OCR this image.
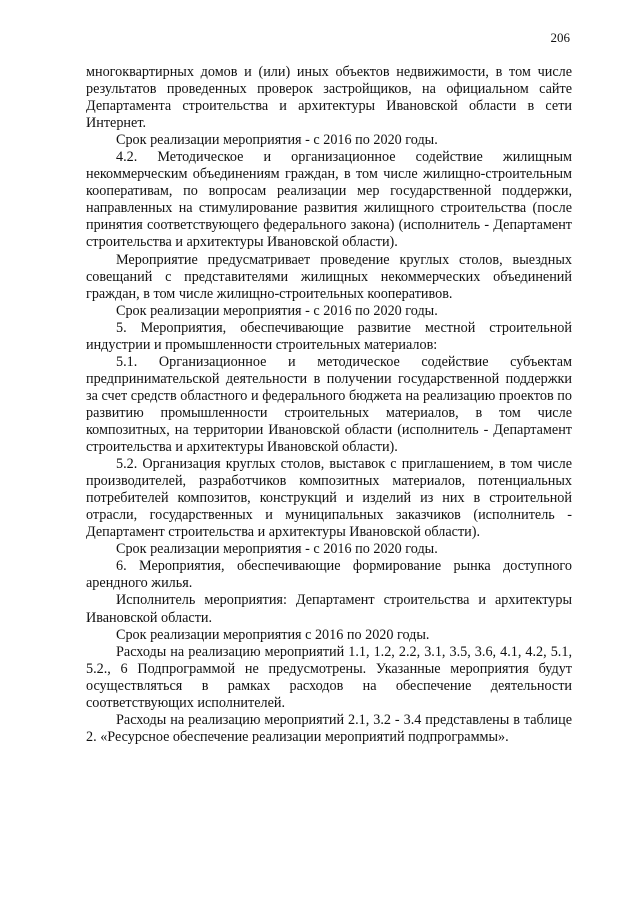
206

многоквартирных домов и (или) иных объектов недвижимости, в том числе результатов проведенных проверок застройщиков, на официальном сайте Департамента строительства и архитектуры Ивановской области в сети Интернет.

Срок реализации мероприятия - с 2016 по 2020 годы.

4.2. Методическое и организационное содействие жилищным некоммерческим объединениям граждан, в том числе жилищно-строительным кооперативам, по вопросам реализации мер государственной поддержки, направленных на стимулирование развития жилищного строительства (после принятия соответствующего федерального закона) (исполнитель - Департамент строительства и архитектуры Ивановской области).

Мероприятие предусматривает проведение круглых столов, выездных совещаний с представителями жилищных некоммерческих объединений граждан, в том числе жилищно-строительных кооперативов.

Срок реализации мероприятия - с 2016 по 2020 годы.

5. Мероприятия, обеспечивающие развитие местной строительной индустрии и промышленности строительных материалов:

5.1. Организационное и методическое содействие субъектам предпринимательской деятельности в получении государственной поддержки за счет средств областного и федерального бюджета на реализацию проектов по развитию промышленности строительных материалов, в том числе композитных, на территории Ивановской области (исполнитель - Департамент строительства и архитектуры Ивановской области).

5.2. Организация круглых столов, выставок с приглашением, в том числе производителей, разработчиков композитных материалов, потенциальных потребителей композитов, конструкций и изделий из них в строительной отрасли, государственных и муниципальных заказчиков (исполнитель - Департамент строительства и архитектуры Ивановской области).

Срок реализации мероприятия - с 2016 по 2020 годы.

6. Мероприятия, обеспечивающие формирование рынка доступного арендного жилья.

Исполнитель мероприятия: Департамент строительства и архитектуры Ивановской области.

Срок реализации мероприятия с 2016 по 2020 годы.

Расходы на реализацию мероприятий 1.1, 1.2, 2.2, 3.1, 3.5, 3.6, 4.1, 4.2, 5.1, 5.2., 6 Подпрограммой не предусмотрены. Указанные мероприятия будут осуществляться в рамках расходов на обеспечение деятельности соответствующих исполнителей.

Расходы на реализацию мероприятий 2.1, 3.2 - 3.4 представлены в таблице 2. «Ресурсное обеспечение реализации мероприятий подпрограммы».
